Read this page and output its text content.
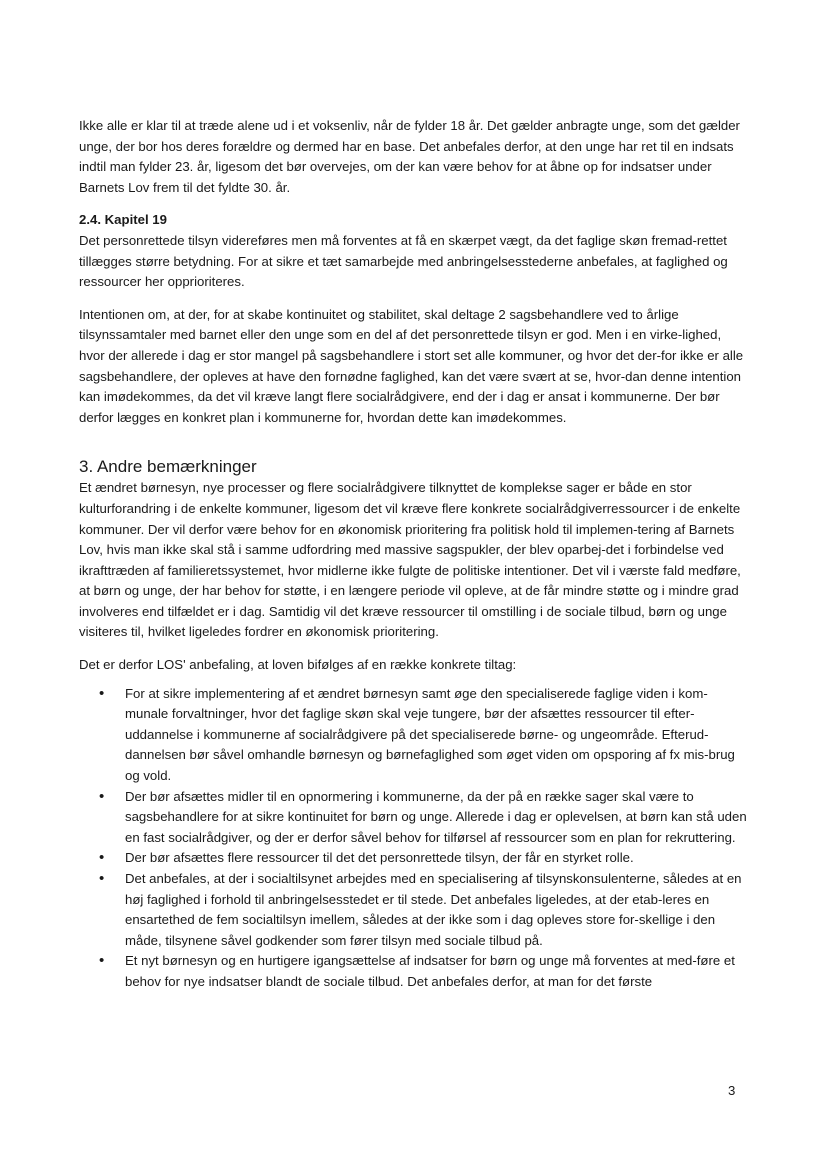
Ikke alle er klar til at træde alene ud i et voksenliv, når de fylder 18 år. Det gælder anbragte unge, som det gælder unge, der bor hos deres forældre og dermed har en base. Det anbefales derfor, at den unge har ret til en indsats indtil man fylder 23. år, ligesom det bør overvejes, om der kan være behov for at åbne op for indsatser under Barnets Lov frem til det fyldte 30. år.

2.4. Kapitel 19

Det personrettede tilsyn videreføres men må forventes at få en skærpet vægt, da det faglige skøn fremad-rettet tillægges større betydning. For at sikre et tæt samarbejde med anbringelsesstederne anbefales, at faglighed og ressourcer her opprioriteres.

Intentionen om, at der, for at skabe kontinuitet og stabilitet, skal deltage 2 sagsbehandlere ved to årlige tilsynssamtaler med barnet eller den unge som en del af det personrettede tilsyn er god. Men i en virke-lighed, hvor der allerede i dag er stor mangel på sagsbehandlere i stort set alle kommuner, og hvor det der-for ikke er alle sagsbehandlere, der opleves at have den fornødne faglighed, kan det være svært at se, hvor-dan denne intention kan imødekommes, da det vil kræve langt flere socialrådgivere, end der i dag er ansat i kommunerne. Der bør derfor lægges en konkret plan i kommunerne for, hvordan dette kan imødekommes.

3. Andre bemærkninger

Et ændret børnesyn, nye processer og flere socialrådgivere tilknyttet de komplekse sager er både en stor kulturforandring i de enkelte kommuner, ligesom det vil kræve flere konkrete socialrådgiverressourcer i de enkelte kommuner. Der vil derfor være behov for en økonomisk prioritering fra politisk hold til implemen-tering af Barnets Lov, hvis man ikke skal stå i samme udfordring med massive sagspukler, der blev oparbej-det i forbindelse ved ikrafttræden af familieretssystemet, hvor midlerne ikke fulgte de politiske intentioner. Det vil i værste fald medføre, at børn og unge, der har behov for støtte, i en længere periode vil opleve, at de får mindre støtte og i mindre grad involveres end tilfældet er i dag. Samtidig vil det kræve ressourcer til omstilling i de sociale tilbud, børn og unge visiteres til, hvilket ligeledes fordrer en økonomisk prioritering.

Det er derfor LOS' anbefaling, at loven bifølges af en række konkrete tiltag:

• For at sikre implementering af et ændret børnesyn samt øge den specialiserede faglige viden i kom-munale forvaltninger, hvor det faglige skøn skal veje tungere, bør der afsættes ressourcer til efter-uddannelse i kommunerne af socialrådgivere på det specialiserede børne- og ungeområde. Efterud-dannelsen bør såvel omhandle børnesyn og børnefaglighed som øget viden om opsporing af fx mis-brug og vold.
• Der bør afsættes midler til en opnormering i kommunerne, da der på en række sager skal være to sagsbehandlere for at sikre kontinuitet for børn og unge. Allerede i dag er oplevelsen, at børn kan stå uden en fast socialrådgiver, og der er derfor såvel behov for tilførsel af ressourcer som en plan for rekruttering.
• Der bør afsættes flere ressourcer til det det personrettede tilsyn, der får en styrket rolle.
• Det anbefales, at der i socialtilsynet arbejdes med en specialisering af tilsynskonsulenterne, således at en høj faglighed i forhold til anbringelsesstedet er til stede. Det anbefales ligeledes, at der etab-leres en ensartethed de fem socialtilsyn imellem, således at der ikke som i dag opleves store for-skellige i den måde, tilsynene såvel godkender som fører tilsyn med sociale tilbud på.
• Et nyt børnesyn og en hurtigere igangsættelse af indsatser for børn og unge må forventes at med-føre et behov for nye indsatser blandt de sociale tilbud. Det anbefales derfor, at man for det første
3
